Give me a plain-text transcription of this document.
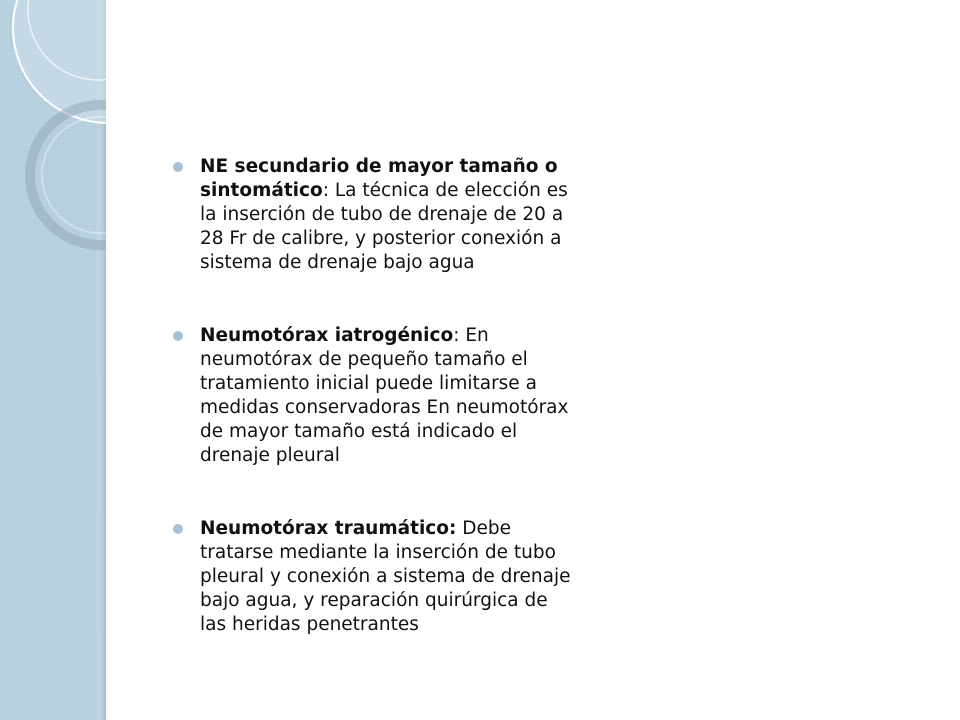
NE secundario de mayor tamaño o sintomático: La técnica de elección es la inserción de tubo de drenaje de 20 a 28 Fr de calibre, y posterior conexión a sistema de drenaje bajo agua
Neumotórax iatrogénico: En neumotórax de pequeño tamaño el tratamiento inicial puede limitarse a medidas conservadoras En neumotórax de mayor tamaño está indicado el drenaje pleural
Neumotórax traumático: Debe tratarse mediante la inserción de tubo pleural y conexión a sistema de drenaje bajo agua, y reparación quirúrgica de las heridas penetrantes
